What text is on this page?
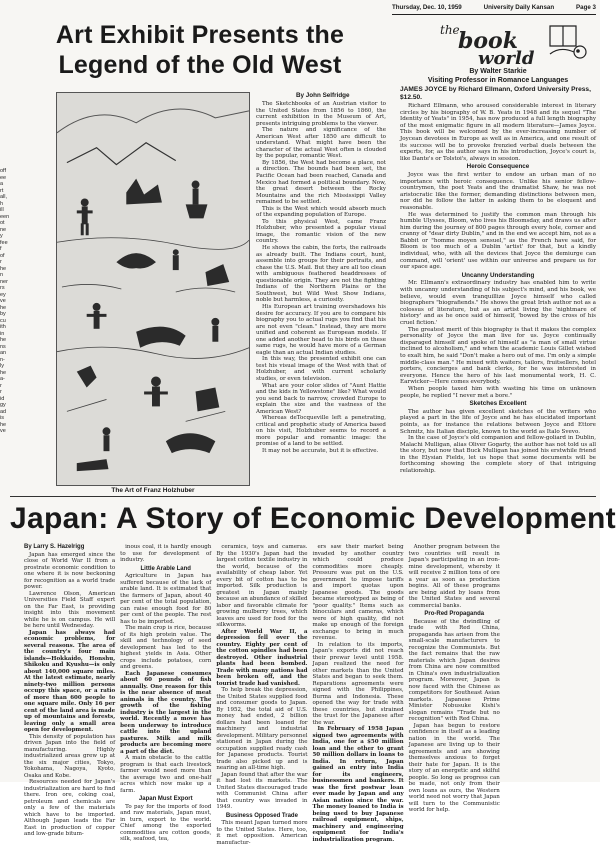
Thursday, Dec. 10, 1959	University Daily Kansan	Page 3
off
ee
a
rt
all,
h
ill
een
ot
ne
y
fee
f
of
r
he
n
ner
rs
ey
ve
he
by
cu
ith
in
he
ns
an
n-
ly
he
a-
r
r
id
gy
ad
is
he
ve
Art Exhibit Presents the
Legend of the Old West
The Art of Franz Holzhuber
By John Selfridge

The Sketchbooks of an Austrian visitor to the United States from 1856 to 1860, the current exhibition in the Museum of Art, presents intriguing problems to the viewer.

The nature and significance of the American West after 1850 are difficult to understand. What might have been the character of the actual West often is clouded by the popular, romantic West.

By 1856, the West had become a place, not a direction. The bounds had been set, the Pacific Ocean had been reached, Canada and Mexico had formed a political boundary. Now, the great desert between the Rocky Mountains and the rich Mississippi Valley remained to be settled.

This is the West which would absorb much of the expanding population of Europe.

To this physical West, came Franz Holzhuber, who presented a popular visual image, the romantic vision of the new country.

He shows the cabin, the forts, the railroads as already built. The Indians court, hunt, assemble into groups for their portraits, and chase the U.S. Mail. But they are all too clean with ambiguous feathered headdresses of questionable origin. They are not the fighting Indians of the Northern Plains or the Southwest, but Wild West Show Indians, noble but harmless, a curiosity.

His European art training overshadows his desire for accuracy. If you are to compare his biography you to actual rugs you find that his are not even "clean." Instead, they are more unified and coherent as European models. If one added another head to his birds on these same rugs, he would have more of a German eagle than an actual Indian studies.

In this way, the presented exhibit one can test his visual image of the West with that of Holzhuber, and with current scholarly studies, or even television.

What are your color slides of "Aunt Hattie and the kids in Yellowstone" like? What would you send back to narrow, crowded Europe to explain the size and the vastness of the American West?

Whereas deTocqueville left a penetrating, critical and prophetic study of America based on his visit, Holzhuber seems to record a more popular and romantic image: the promise of a land to be settled.

It may not be accurate, but it is effective.

the
book
world
By Walter Starkie
Visiting Professor in Romance Languages
JAMES JOYCE by Richard Ellmann, Oxford University Press, $12.50.

Richard Ellmann, who aroused considerable interest in literary circles by his biography of W. B. Yeats in 1948 and its sequel "The Identity of Yeats" in 1954, has now produced a full length biography of the most enigmatic figure in all modern literature—James Joyce. This book will be welcomed by the ever-increasing number of Joycean devotees in Europe as well as in America, and one result of its success will be to provoke frenzied verbal duels between the experts, for, as the author says in his introduction, Joyce's court is, like Dante's or Tolstoi's, always in session.

Heroic Consequence

Joyce was the first writer to endow an urban man of no importance with heroic consequence. Unlike his senior fellow-countrymen, the poet Yeats and the dramatist Shaw, he was not aristocratic like the former, demanding distinctions between men, nor did he follow the latter in asking them to be eloquent and reasonable.

He was determined to justify the common man through his humble Ulysses, Bloom, who lives his Bloomsday, and draws us after him during the journey of 800 pages through every hole, corner and cranny of "dear dirty Dublin," and in the end we accept him, not as a Babbit or "homme moyen sensuel," as the French have said, for Bloom is too much of a Dublin 'artist' for that, but a kindly individual, who, with all the devices that Joyce the demiurge can command, will 'orient' use within our universe and prepare us for our space age.

Uncanny Understanding

Mr. Ellmann's extraordinary industry has enabled him to write with uncanny understanding of his subject's mind, and his book, we believe, would even tranquillize Joyce himself who called biographers "biografiends." He shows the great Irish author not as a colossus of literature, but as an artist living the 'nightmare of history' and as he once said of himself, 'bowed by the cross of his cruel fiction.'

The greatest merit of this biography is that it makes the complex personality of Joyce the man live for us. Joyce continually disparaged himself and spoke of himself as "a man of small virtue inclined to alcoholism," and when the academic Louis Gillet wished to exalt him, he said "Don't make a hero out of me. I'm only a simple middle-class man." He mixed with waiters, tailors, fruitsellers, hotel porters, concierges and bank clerks, for he was interested in everyone. Hence the hero of his last monumental work, H. C. Earwicker—Here comes everybody.

When people taxed him with wasting his time on unknown people, he replied "I never met a bore."

Sketches Excellent

The author has given excellent sketches of the writers who played a part in the life of Joyce and he has elucidated important points, as for instance the relations between Joyce and Ettore Schmitz, his Italian disciple, known to the world as Italo Svevo.

In the case of Joyce's old companion and fellow-goliard in Dublin, Malachi Mulligan, alias Oliver Gogarty, the author has not told us all the story, but now that Buck Mulligan has joined his erstwhile friend in the Elysian Fields, let us hope that some documents will be forthcoming showing the complete story of that intriguing relationship.

Japan: A Story of Economic Development
By Larry S. Hazelrigg

Japan has emerged since the close of World War II from a prostrate economic condition to one where it is now beckoning for recognition as a world trade power.

Lawrence Olson, American Universities Field Staff expert on the Far East, is providing insight into this movement while he is on campus. He will be here until Wednesday.

Japan has always had economic problems, for several reasons. The area of the country's four main islands—Hokkaido, Honshu, Shikoku and Kyushu—is only about 140,000 square miles. At the latest estimate, nearly ninety-two million persons occupy this space, or a ratio of more than 600 people to one square mile. Only 16 per cent of the land area is made up of mountains and forests, leaving only a small area open for development.

This density of population has driven Japan into the field of manufacturing. Highly industrialized areas grew up at the six major cities, Tokyo, Yokohama, Nagoya, Kyoto, Osaka and Kobe.

Resources needed for Japan's industrialization are hard to find there. Iron ore, coking coal, petroleum and chemicals are only a few of the materials which have to be imported. Although Japan leads the Far East in production of copper and low-grade bitum-

inous coal, it is hardly enough to use for development of industry.

Little Arable Land

Agriculture in Japan has suffered because of the lack of arable land. It is estimated that the farmers of Japan, about 40 per cent of the total population, can raise enough food for 80 per cent of the people. The rest has to be imported.

The main crop is rice, because of its high protein value. The skill and technology of seed development has led to the highest yields in Asia. Other crops include potatoes, corn and greens.

Each Japanese consumes about 60 pounds of fish annually. One reason for this is the near absence of meat animals in the country. The growth of the fishing industry is the largest in the world. Recently a move has been underway to introduce cattle into the upland pastures. Milk and milk products are becoming more a part of the diet.

A main obstacle to the cattle program is that each livestock farmer would need more than the average two and one-half acres which now make up a farm.

Japan Must Export

To pay for the imports of food and raw materials, Japan must, in turn, export to the world. Chief among the exported commodities are cotton goods, silk, seafood, tea,

ceramics, toys and cameras. By the 1930's Japan had the largest cotton textile industry in the world, because of the availability of cheap labor. Yet every bit of cotton has to be imported. Silk production is greatest in Japan mainly because an abundance of skilled labor and favorable climate for growing mulberry trees, which leaves are used for food for the silkworms.

After World War II, a depression fell over the country. Eighty per cent of the cotton spindles had been destroyed. Other industrial plants had been bombed. Trade with many nations had been broken off, and the tourist trade had vanished.

To help break the depression, the United States supplied food and consumer goods to Japan. By 1952, the total aid of U.S. money had ended, 2 billion dollars had been loaned for machinery and industrial development. Military personnel stationed in Japan during the occupation supplied ready cash for Japanese products. Tourist trade also picked up and is nearing an all-time high.

Japan found that after the war it had lost its markets. The United States discouraged trade with Communist China after that country was invaded in 1949.

Business Opposed Trade

This meant Japan turned more to the United States. Here, too, it met opposition. American manufactur-

ers saw their market being invaded by another country which could produce commodities more cheaply. Pressure was put on the U.S. government to impose tariffs and import quotas upon Japanese goods. The goods became stereotyped as being of "poor quality." Items such as binoculars and cameras, which were of high quality, did not make up enough of the foreign exchange to bring in much revenue.

In relation to its imports, Japan's exports did not reach their prewar level until 1958. Japan realized the need for other markets than the United States and began to seek them. Reparations agreements were signed with the Philippines, Burma and Indonesia. These opened the way for trade with these countries, but strained the trust for the Japanese after the war.

In February of 1958 Japan signed two agreements with India, one for a $50 million loan and the other to grant 50 million dollars in loans to India. In return, Japan gained an entry into India for its engineers, businessmen and bankers. It was the first postwar loan ever made by Japan and any Asian nation since the war. The money loaned to India is being used to buy Japanese railroad equipment, ships, machinery and engineering equipment for India's industrialization program.

Another program between the two countries will result in Japan's participating in an iron-mine development, whereby it will receive 2 million tons of ore a year as soon as production begins. All of these programs are being aided by loans from the United States and several commercial banks.

Pro-Red Propaganda

Because of the dwindling of trade with Red China, propaganda has arisen from the small-scale manufacturers to recognize the Communists. But the fact remains that the raw materials which Japan desires from China are now committed in China's own industrialization program. Moreover, Japan is now faced with the Chinese as competitors for Southeast Asian markets. Japanese Prime Minister Nobusuke Kishi's slogan remains "Trade but no recognition" with Red China.

Japan has begun to restore confidence in itself as a leading nation in the world. The Japanese are living up to their agreements and are showing themselves anxious to forget their hate for Japan. It is the story of an energetic and skilful people. So long as progress can be made, not only from their own loans as ours, the Western world need not worry that Japan will turn to the Communistic world for help.
